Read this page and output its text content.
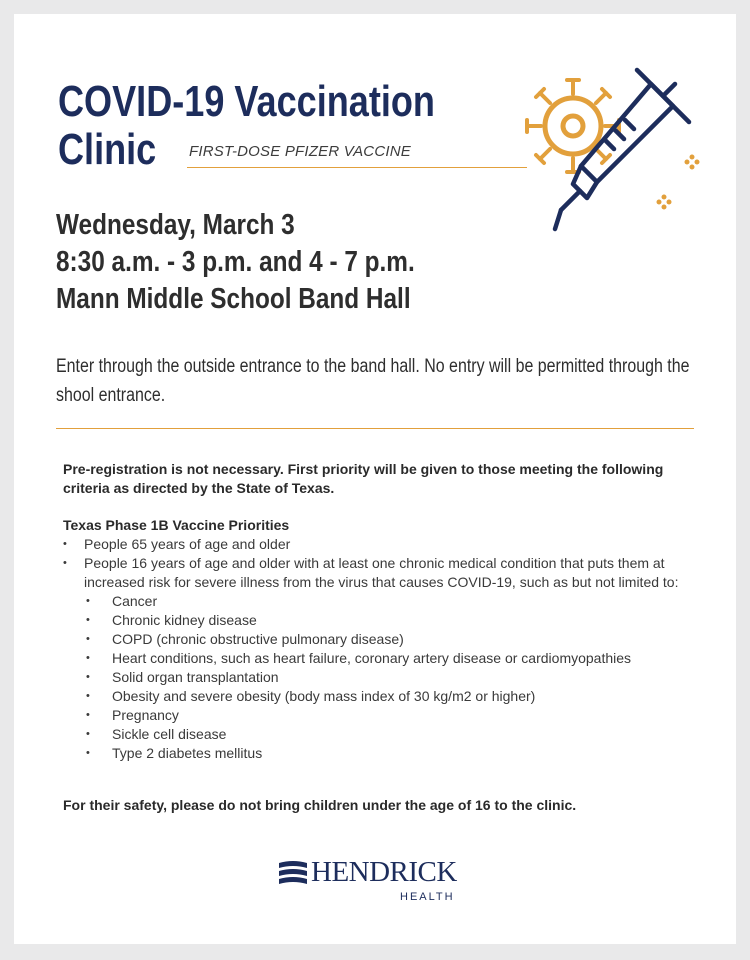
COVID-19 Vaccination
Clinic	FIRST-DOSE PFIZER VACCINE
Wednesday, March 3
8:30 a.m. - 3 p.m. and 4 - 7 p.m.
Mann Middle School Band Hall
Enter through the outside entrance to the band hall. No entry will be permitted through the shool entrance.
Pre-registration is not necessary. First priority will be given to those meeting the following criteria as directed by the State of Texas.

Texas Phase 1B Vaccine Priorities

• People 65 years of age and older
• People 16 years of age and older with at least one chronic medical condition that puts them at increased risk for severe illness from the virus that causes COVID-19, such as but not limited to:
• Cancer
• Chronic kidney disease
• COPD (chronic obstructive pulmonary disease)
• Heart conditions, such as heart failure, coronary artery disease or cardiomyopathies
• Solid organ transplantation
• Obesity and severe obesity (body mass index of 30 kg/m2 or higher)
• Pregnancy
• Sickle cell disease
• Type 2 diabetes mellitus
For their safety, please do not bring children under the age of 16 to the clinic.
HENDRICK
HEALTH
